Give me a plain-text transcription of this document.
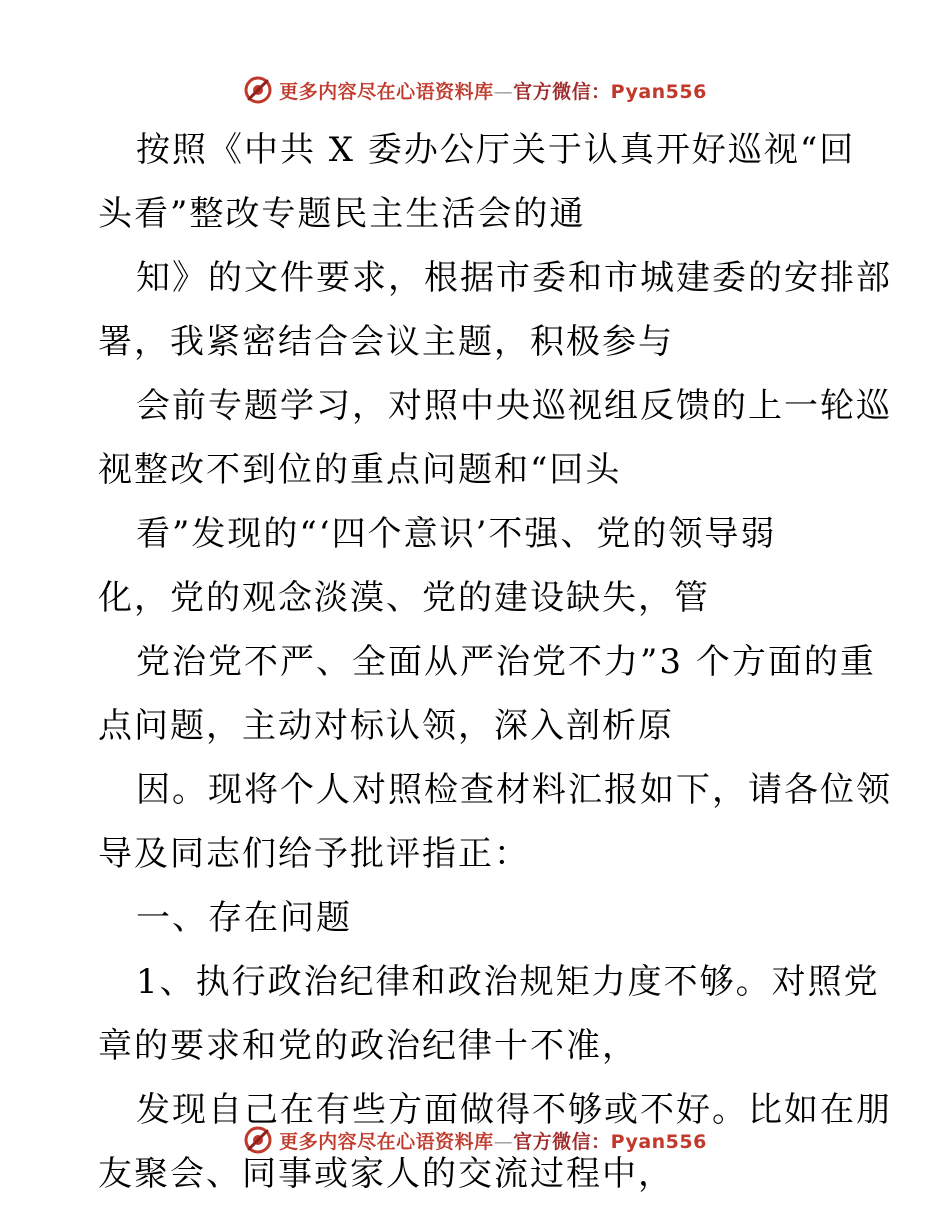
更多内容尽在心语资料库—官方微信：Pyan556
按照《中共 X 委办公厅关于认真开好巡视“回
头看”整改专题民主生活会的通
知》的文件要求，根据市委和市城建委的安排部
署，我紧密结合会议主题，积极参与
会前专题学习，对照中央巡视组反馈的上一轮巡
视整改不到位的重点问题和“回头
看”发现的“‘四个意识’不强、党的领导弱
化，党的观念淡漠、党的建设缺失，管
党治党不严、全面从严治党不力”3 个方面的重
点问题，主动对标认领，深入剖析原
因。现将个人对照检查材料汇报如下，请各位领
导及同志们给予批评指正：
一、存在问题
1、执行政治纪律和政治规矩力度不够。对照党
章的要求和党的政治纪律十不准，
发现自己在有些方面做得不够或不好。比如在朋
友聚会、同事或家人的交流过程中，
更多内容尽在心语资料库—官方微信：Pyan556
